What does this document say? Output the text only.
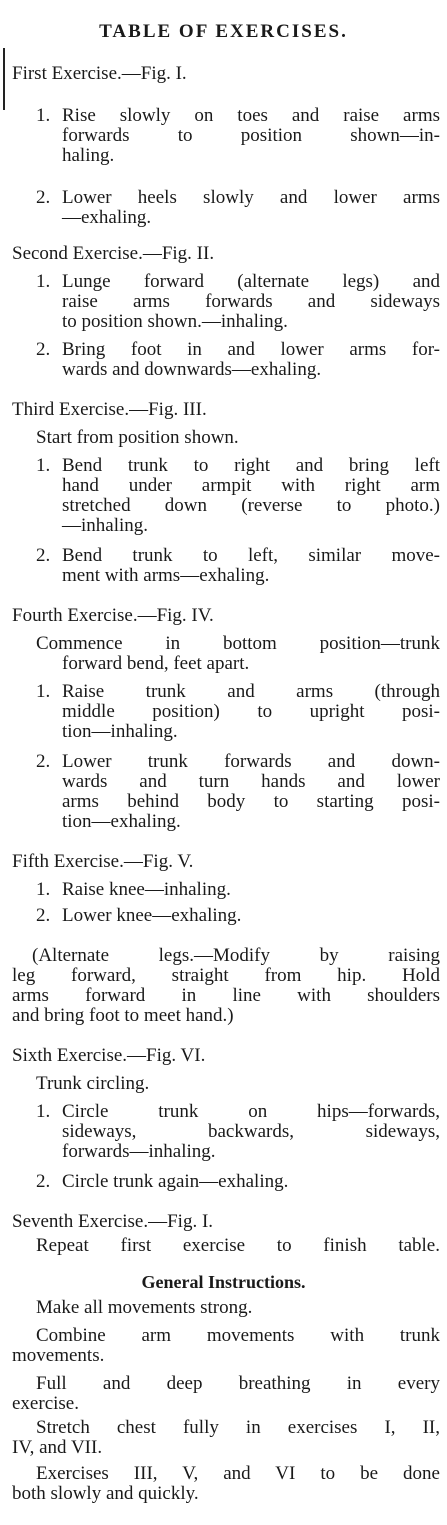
TABLE OF EXERCISES.
First Exercise.—Fig. I.
1. Rise slowly on toes and raise arms
forwards to position shown—in-
haling.
2. Lower heels slowly and lower arms
—exhaling.
Second Exercise.—Fig. II.
1. Lunge forward (alternate legs) and
raise arms forwards and sideways
to position shown.—inhaling.
2. Bring foot in and lower arms for-
wards and downwards—exhaling.
Third Exercise.—Fig. III.
Start from position shown.
1. Bend trunk to right and bring left
hand under armpit with right arm
stretched down (reverse to photo.)
—inhaling.
2. Bend trunk to left, similar move-
ment with arms—exhaling.
Fourth Exercise.—Fig. IV.
Commence in bottom position—trunk
forward bend, feet apart.
1. Raise trunk and arms (through
middle position) to upright posi-
tion—inhaling.
2. Lower trunk forwards and down-
wards and turn hands and lower
arms behind body to starting posi-
tion—exhaling.
Fifth Exercise.—Fig. V.
1. Raise knee—inhaling.
2. Lower knee—exhaling.
(Alternate legs.—Modify by raising
leg forward, straight from hip. Hold
arms forward in line with shoulders
and bring foot to meet hand.)
Sixth Exercise.—Fig. VI.
Trunk circling.
1. Circle trunk on hips—forwards,
sideways, backwards, sideways,
forwards—inhaling.
2. Circle trunk again—exhaling.
Seventh Exercise.—Fig. I.
Repeat first exercise to finish table.
General Instructions.
Make all movements strong.
Combine arm movements with trunk
movements.
Full and deep breathing in every
exercise.
Stretch chest fully in exercises I, II,
IV, and VII.
Exercises III, V, and VI to be done
both slowly and quickly.
